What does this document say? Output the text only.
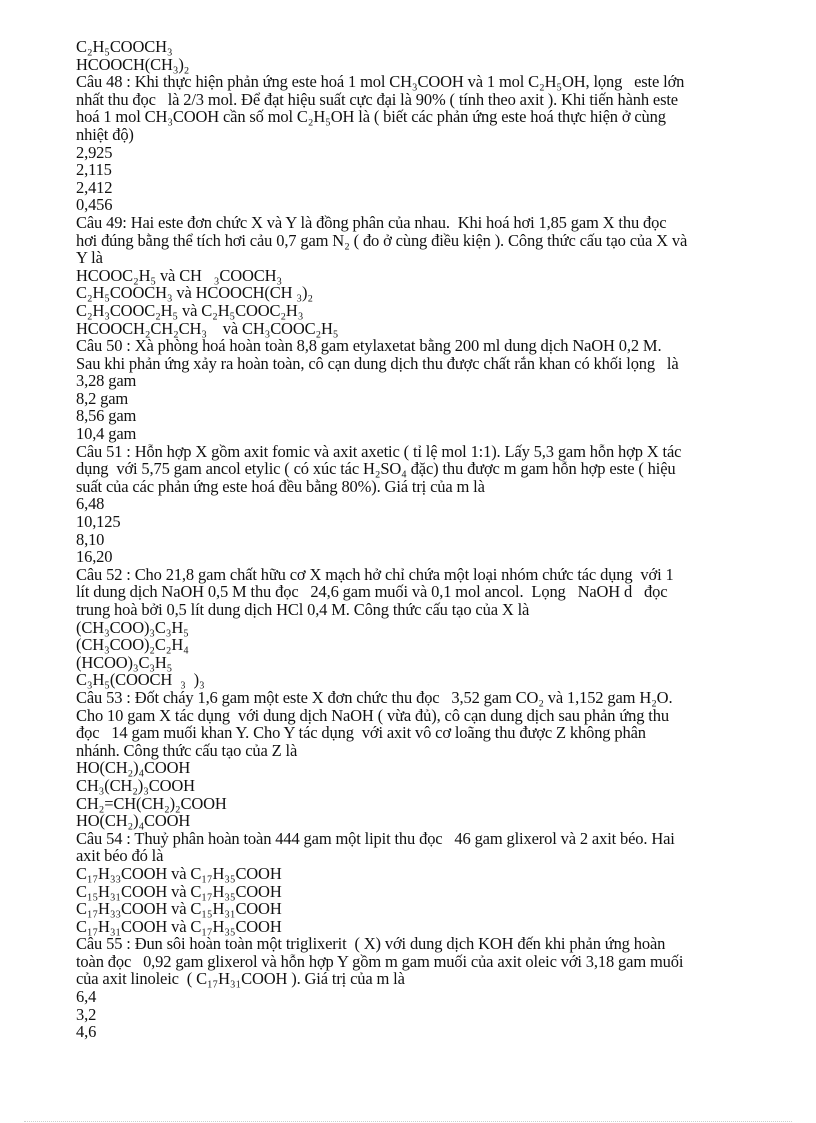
C₂H₅COOCH₃
HCOOCH(CH₃)₂
Câu 48 : Khi thực hiện phản ứng este hoá 1 mol CH₃COOH và 1 mol C₂H₅OH, lọng   este lớn
nhất thu đọc   là 2/3 mol. Để đạt hiệu suất cực đại là 90% ( tính theo axit ). Khi tiến hành este
hoá 1 mol CH₃COOH cần số mol C₂H₅OH là ( biết các phản ứng este hoá thực hiện ở cùng
nhiệt độ)
2,925
2,115
2,412
0,456
Câu 49: Hai este đơn chức X và Y là đồng phân của nhau.  Khi hoá hơi 1,85 gam X thu đọc
hơi đúng bằng thể tích hơi cảu 0,7 gam N₂ ( đo ở cùng điều kiện ). Công thức cấu tạo của X và
Y là
HCOOC₂H₅ và CH   ₃COOCH₃
C₂H₅COOCH₃ và HCOOCH(CH ₃)₂
C₂H₃COOC₂H₅ và C₂H₅COOC₂H₃
HCOOCH₂CH₂CH₃    và CH₃COOC₂H₅
Câu 50 : Xà phòng hoá hoàn toàn 8,8 gam etylaxetat bằng 200 ml dung dịch NaOH 0,2 M.
Sau khi phản ứng xảy ra hoàn toàn, cô cạn dung dịch thu được chất rắn khan có khối lọng   là
3,28 gam
8,2 gam
8,56 gam
10,4 gam
Câu 51 : Hỗn hợp X gồm axit fomic và axit axetic ( tỉ lệ mol 1:1). Lấy 5,3 gam hỗn hợp X tác
dụng  với 5,75 gam ancol etylic ( có xúc tác H₂SO₄ đặc) thu được m gam hỗn hợp este ( hiệu
suất của các phản ứng este hoá đều bằng 80%). Giá trị của m là
6,48
10,125
8,10
16,20
Câu 52 : Cho 21,8 gam chất hữu cơ X mạch hở chỉ chứa một loại nhóm chức tác dụng  với 1
lít dung dịch NaOH 0,5 M thu đọc   24,6 gam muối và 0,1 mol ancol.  Lọng   NaOH d   đọc
trung hoà bởi 0,5 lít dung dịch HCl 0,4 M. Công thức cấu tạo của X là
(CH₃COO)₃C₃H₅
(CH₃COO)₂C₂H₄
(HCOO)₃C₃H₅
C₃H₅(COOCH  ₃  )₃
Câu 53 : Đốt cháy 1,6 gam một este X đơn chức thu đọc   3,52 gam CO₂ và 1,152 gam H₂O.
Cho 10 gam X tác dụng  với dung dịch NaOH ( vừa đủ), cô cạn dung dịch sau phản ứng thu
đọc   14 gam muối khan Y. Cho Y tác dụng  với axit vô cơ loãng thu được Z không phân
nhánh. Công thức cấu tạo của Z là
HO(CH₂)₄COOH
CH₃(CH₂)₃COOH
CH₂=CH(CH₂)₂COOH
HO(CH₂)₄COOH
Câu 54 : Thuỷ phân hoàn toàn 444 gam một lipit thu đọc   46 gam glixerol và 2 axit béo. Hai
axit béo đó là
C₁₇H₃₃COOH và C₁₇H₃₅COOH
C₁₅H₃₁COOH và C₁₇H₃₅COOH
C₁₇H₃₃COOH và C₁₅H₃₁COOH
C₁₇H₃₁COOH và C₁₇H₃₅COOH
Câu 55 : Đun sôi hoàn toàn một triglixerit  ( X) với dung dịch KOH đến khi phản ứng hoàn
toàn đọc   0,92 gam glixerol và hỗn hợp Y gồm m gam muối của axit oleic với 3,18 gam muối
của axit linoleic  ( C₁₇H₃₁COOH ). Giá trị của m là
6,4
3,2
4,6
